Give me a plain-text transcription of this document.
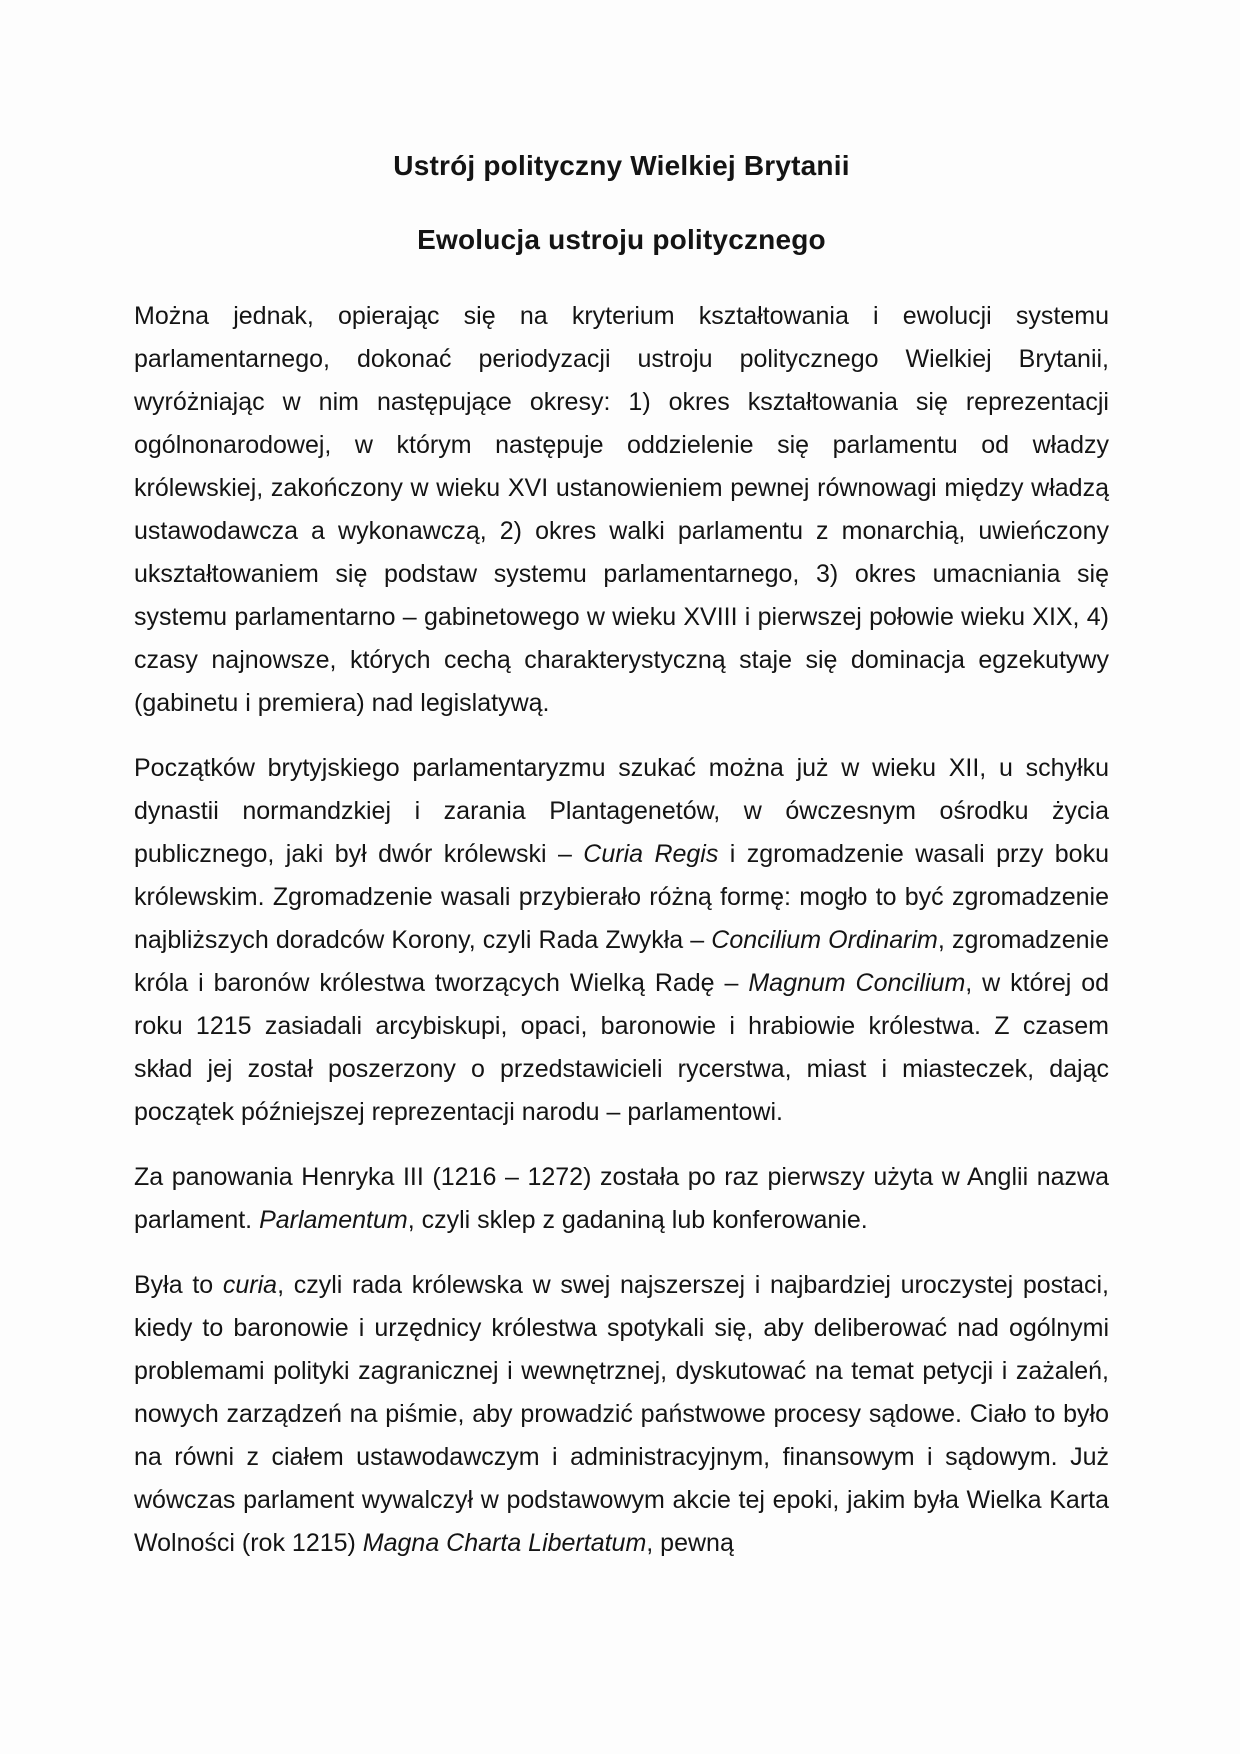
Ustrój polityczny Wielkiej Brytanii
Ewolucja ustroju politycznego

Można jednak, opierając się na kryterium kształtowania i ewolucji systemu parlamentarnego, dokonać periodyzacji ustroju politycznego Wielkiej Brytanii, wyróżniając w nim następujące okresy: 1) okres kształtowania się reprezentacji ogólnonarodowej, w którym następuje oddzielenie się parlamentu od władzy królewskiej, zakończony w wieku XVI ustanowieniem pewnej równowagi między władzą ustawodawcza a wykonawczą, 2) okres walki parlamentu z monarchią, uwieńczony ukształtowaniem się podstaw systemu parlamentarnego, 3) okres umacniania się systemu parlamentarno – gabinetowego w wieku XVIII i pierwszej połowie wieku XIX, 4) czasy najnowsze, których cechą charakterystyczną staje się dominacja egzekutywy (gabinetu i premiera) nad legislatywą.

Początków brytyjskiego parlamentaryzmu szukać można już w wieku XII, u schyłku dynastii normandzkiej i zarania Plantagenetów, w ówczesnym ośrodku życia publicznego, jaki był dwór królewski – Curia Regis i zgromadzenie wasali przy boku królewskim. Zgromadzenie wasali przybierało różną formę: mogło to być zgromadzenie najbliższych doradców Korony, czyli Rada Zwykła – Concilium Ordinarim, zgromadzenie króla i baronów królestwa tworzących Wielką Radę – Magnum Concilium, w której od roku 1215 zasiadali arcybiskupi, opaci, baronowie i hrabiowie królestwa. Z czasem skład jej został poszerzony o przedstawicieli rycerstwa, miast i miasteczek, dając początek późniejszej reprezentacji narodu – parlamentowi.

Za panowania Henryka III (1216 – 1272) została po raz pierwszy użyta w Anglii nazwa parlament. Parlamentum, czyli sklep z gadaniną lub konferowanie.

Była to curia, czyli rada królewska w swej najszerszej i najbardziej uroczystej postaci, kiedy to baronowie i urzędnicy królestwa spotykali się, aby deliberować nad ogólnymi problemami polityki zagranicznej i wewnętrznej, dyskutować na temat petycji i zażaleń, nowych zarządzeń na piśmie, aby prowadzić państwowe procesy sądowe. Ciało to było na równi z ciałem ustawodawczym i administracyjnym, finansowym i sądowym. Już wówczas parlament wywalczył w podstawowym akcie tej epoki, jakim była Wielka Karta Wolności (rok 1215) Magna Charta Libertatum, pewną
